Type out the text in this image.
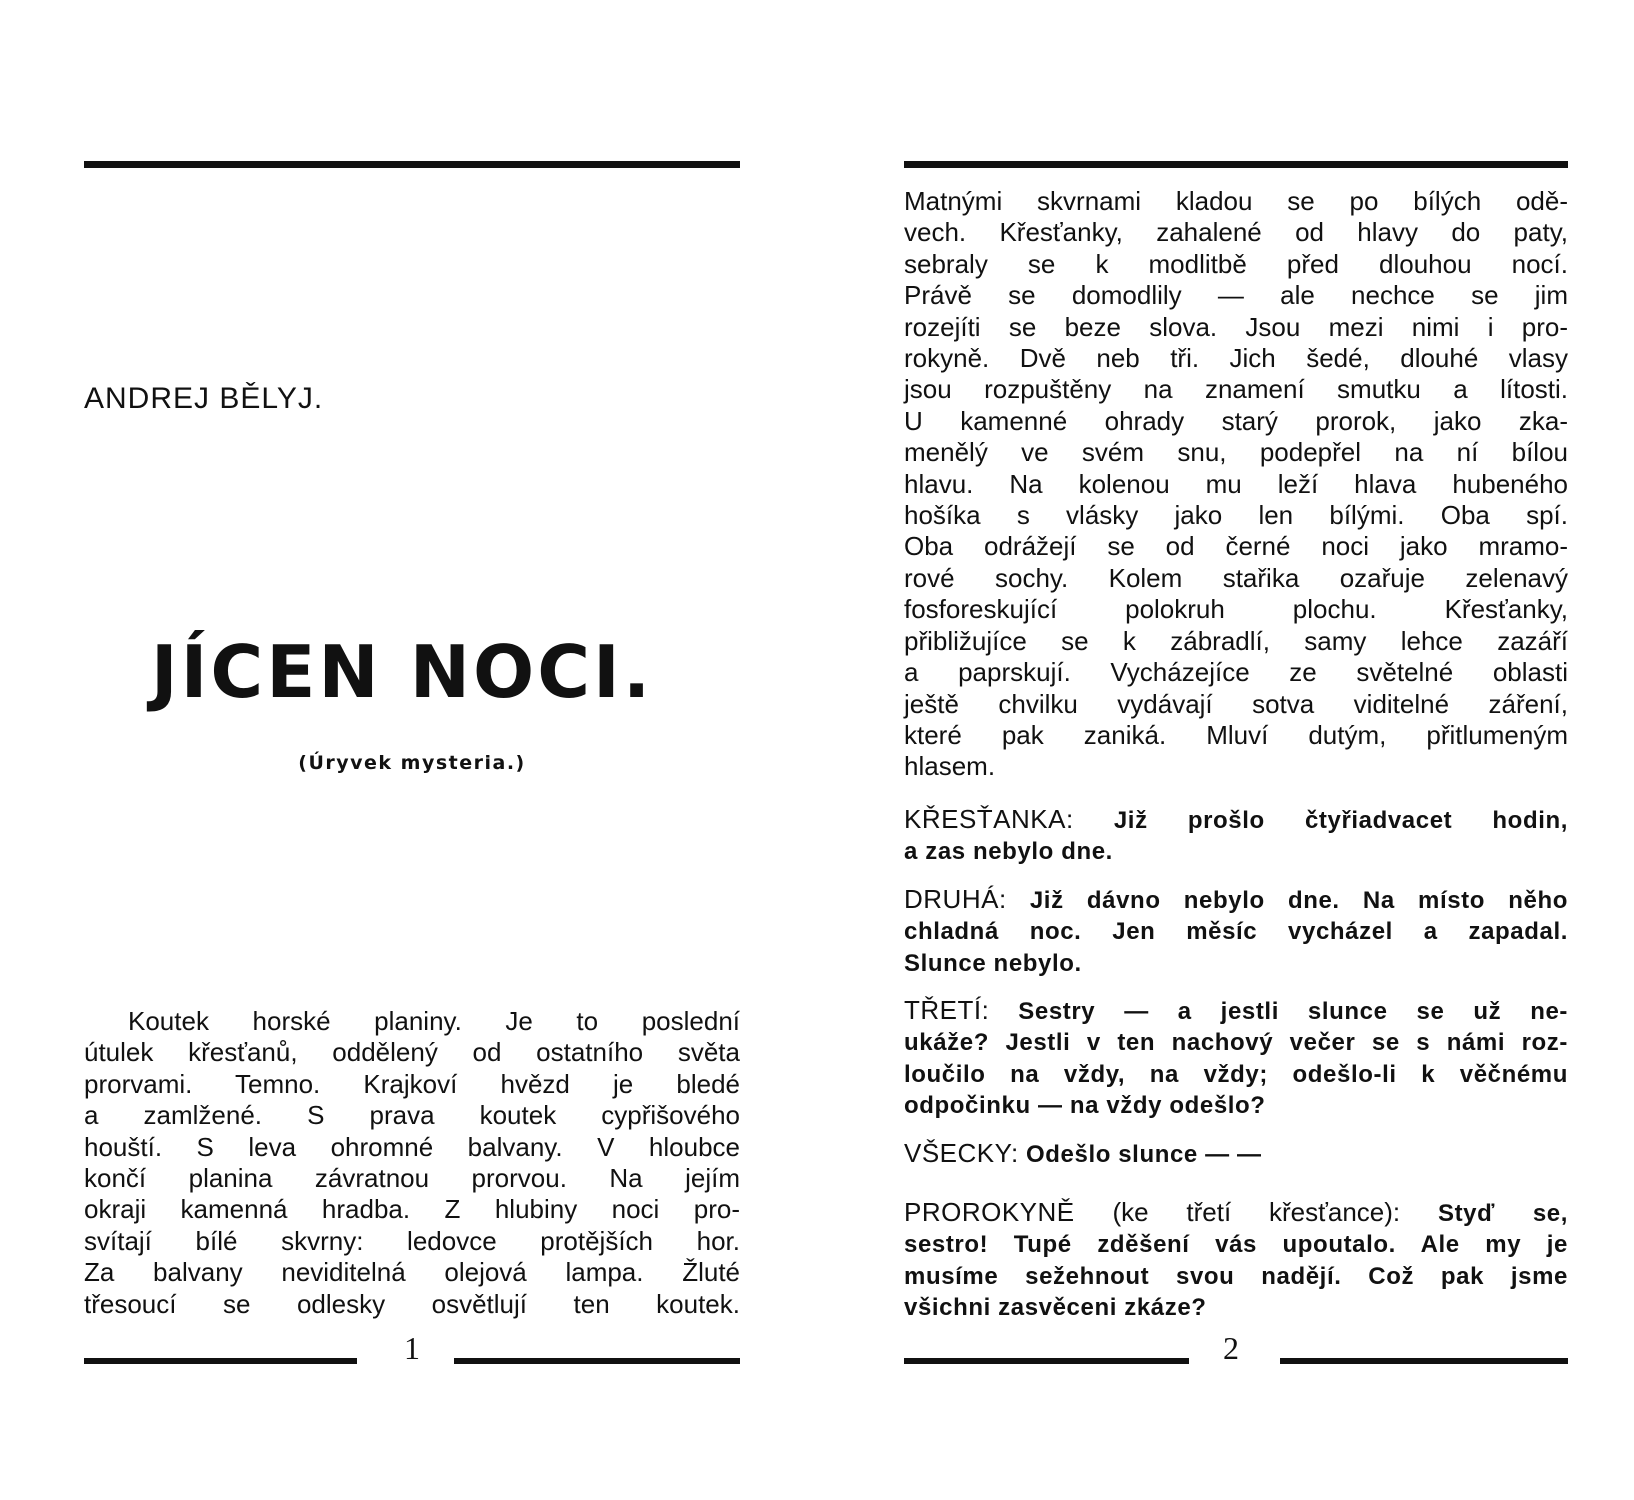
ANDREJ BĚLYJ.
JÍCEN NOCI.
(Úryvek mysteria.)
Koutek horské planiny. Je to poslední
útulek křesťanů, oddělený od ostatního světa
prorvami. Temno. Krajkoví hvězd je bledé
a zamlžené. S prava koutek cypřišového
houští. S leva ohromné balvany. V hloubce
končí planina závratnou prorvou. Na jejím
okraji kamenná hradba. Z hlubiny noci pro-
svítají bílé skvrny: ledovce protějších hor.
Za balvany neviditelná olejová lampa. Žluté
třesoucí se odlesky osvětlují ten koutek.
1
Matnými skvrnami kladou se po bílých odě-
vech. Křesťanky, zahalené od hlavy do paty,
sebraly se k modlitbě před dlouhou nocí.
Právě se domodlily — ale nechce se jim
rozejíti se beze slova. Jsou mezi nimi i pro-
rokyně. Dvě neb tři. Jich šedé, dlouhé vlasy
jsou rozpuštěny na znamení smutku a lítosti.
U kamenné ohrady starý prorok, jako zka-
menělý ve svém snu, podepřel na ní bílou
hlavu. Na kolenou mu leží hlava hubeného
hošíka s vlásky jako len bílými. Oba spí.
Oba odrážejí se od černé noci jako mramo-
rové sochy. Kolem stařika ozařuje zelenavý
fosforeskující polokruh plochu. Křesťanky,
přibližujíce se k zábradlí, samy lehce zazáří
a paprskují. Vycházejíce ze světelné oblasti
ještě chvilku vydávají sotva viditelné záření,
které pak zaniká. Mluví dutým, přitlumeným
hlasem.
KŘESŤANKA: Již prošlo čtyřiadvacet hodin,
a zas nebylo dne.
DRUHÁ: Již dávno nebylo dne. Na místo něho
chladná noc. Jen měsíc vycházel a zapadal.
Slunce nebylo.
TŘETÍ: Sestry — a jestli slunce se už ne-
ukáže? Jestli v ten nachový večer se s námi roz-
loučilo na vždy, na vždy; odešlo-li k věčnému
odpočinku — na vždy odešlo?
VŠECKY: Odešlo slunce — —
PROROKYNĚ (ke třetí křesťance): Styď se,
sestro! Tupé zděšení vás upoutalo. Ale my je
musíme sežehnout svou nadějí. Což pak jsme
všichni zasvěceni zkáze?
2
